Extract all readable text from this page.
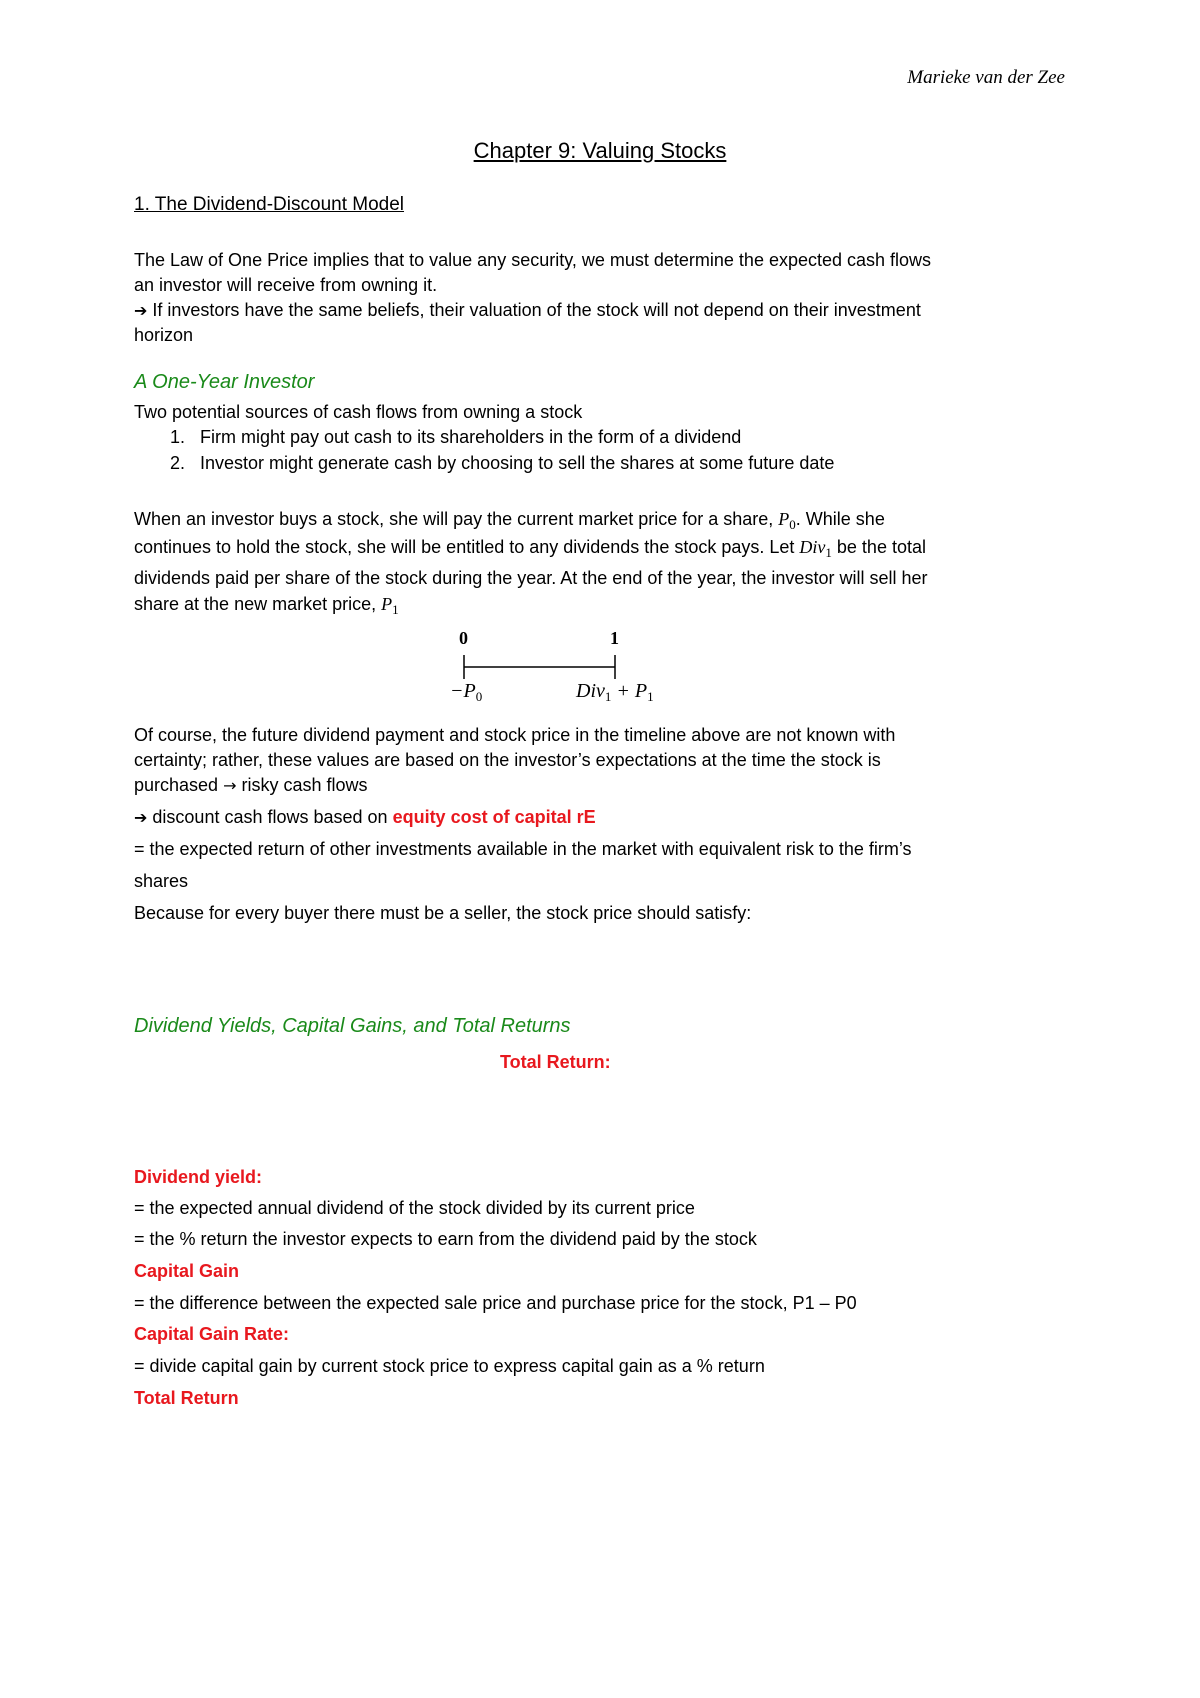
Marieke van der Zee
Chapter 9: Valuing Stocks
1. The Dividend-Discount Model
The Law of One Price implies that to value any security, we must determine the expected cash flows
an investor will receive from owning it.
➔ If investors have the same beliefs, their valuation of the stock will not depend on their investment
horizon
A One-Year Investor
Two potential sources of cash flows from owning a stock
1. Firm might pay out cash to its shareholders in the form of a dividend
2. Investor might generate cash by choosing to sell the shares at some future date
When an investor buys a stock, she will pay the current market price for a share, $P_0$. While she
continues to hold the stock, she will be entitled to any dividends the stock pays. Let Div$_1$ be the total
dividends paid per share of the stock during the year. At the end of the year, the investor will sell her
share at the new market price, $P_1$
0	1
$-P_0$	$Div_1 + P_1$
Of course, the future dividend payment and stock price in the timeline above are not known with
certainty; rather, these values are based on the investor’s expectations at the time the stock is
purchased → risky cash flows
➔ discount cash flows based on equity cost of capital rE
= the expected return of other investments available in the market with equivalent risk to the firm’s
shares
Because for every buyer there must be a seller, the stock price should satisfy:
Dividend Yields, Capital Gains, and Total Returns
Total Return:
Dividend yield:
= the expected annual dividend of the stock divided by its current price
= the % return the investor expects to earn from the dividend paid by the stock
Capital Gain
= the difference between the expected sale price and purchase price for the stock, P1 – P0
Capital Gain Rate:
= divide capital gain by current stock price to express capital gain as a % return
Total Return
